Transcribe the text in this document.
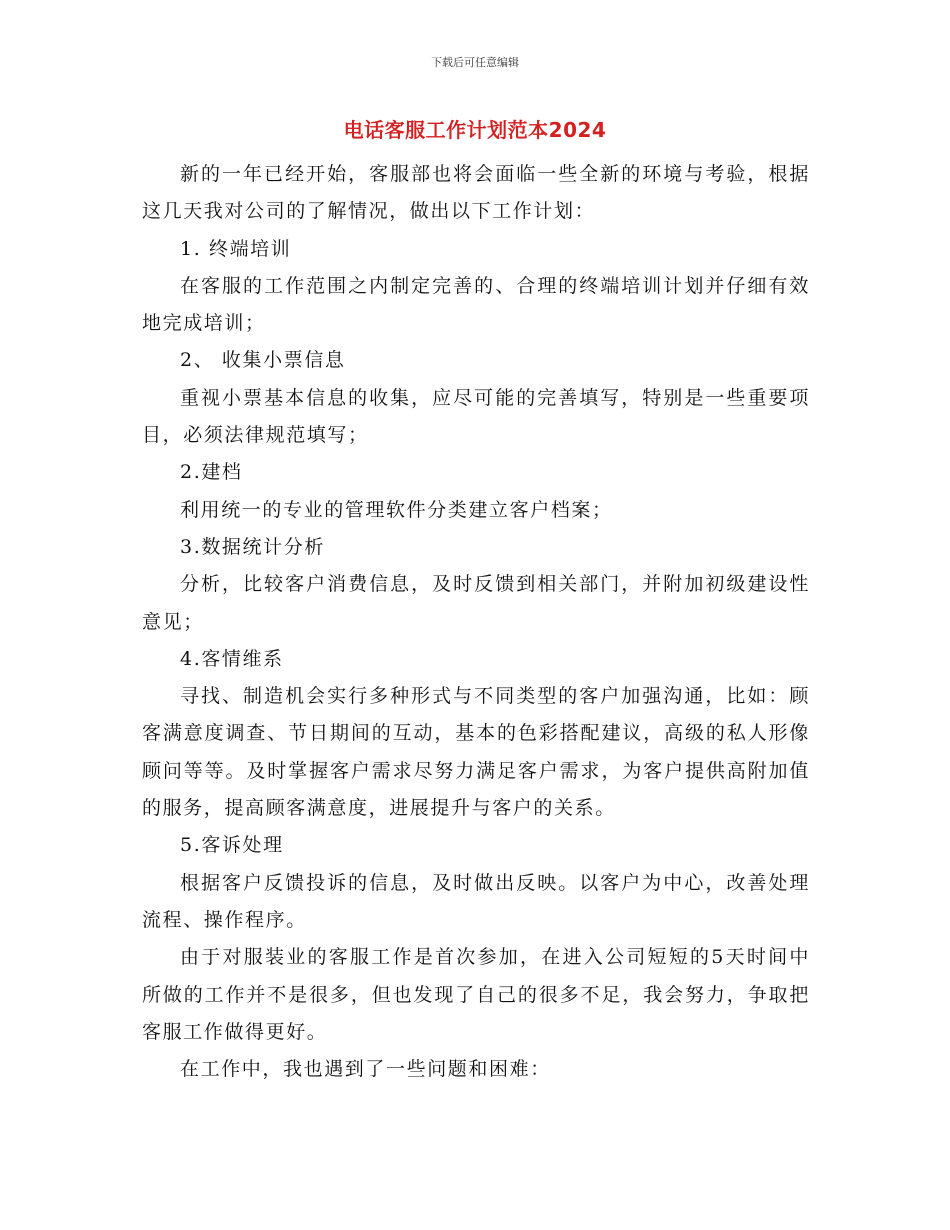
下载后可任意编辑
电话客服工作计划范本2024

新的一年已经开始，客服部也将会面临一些全新的环境与考验，根据这几天我对公司的了解情况，做出以下工作计划：

1. 终端培训

在客服的工作范围之内制定完善的、合理的终端培训计划并仔细有效地完成培训；

2、 收集小票信息

重视小票基本信息的收集，应尽可能的完善填写，特别是一些重要项目，必须法律规范填写；

2.建档

利用统一的专业的管理软件分类建立客户档案；

3.数据统计分析

分析，比较客户消费信息，及时反馈到相关部门，并附加初级建设性意见；

4.客情维系

寻找、制造机会实行多种形式与不同类型的客户加强沟通，比如：顾客满意度调查、节日期间的互动，基本的色彩搭配建议，高级的私人形像顾问等等。及时掌握客户需求尽努力满足客户需求，为客户提供高附加值的服务，提高顾客满意度，进展提升与客户的关系。

5.客诉处理

根据客户反馈投诉的信息，及时做出反映。以客户为中心，改善处理流程、操作程序。

由于对服装业的客服工作是首次参加，在进入公司短短的5天时间中所做的工作并不是很多，但也发现了自己的很多不足，我会努力，争取把客服工作做得更好。

在工作中，我也遇到了一些问题和困难：
